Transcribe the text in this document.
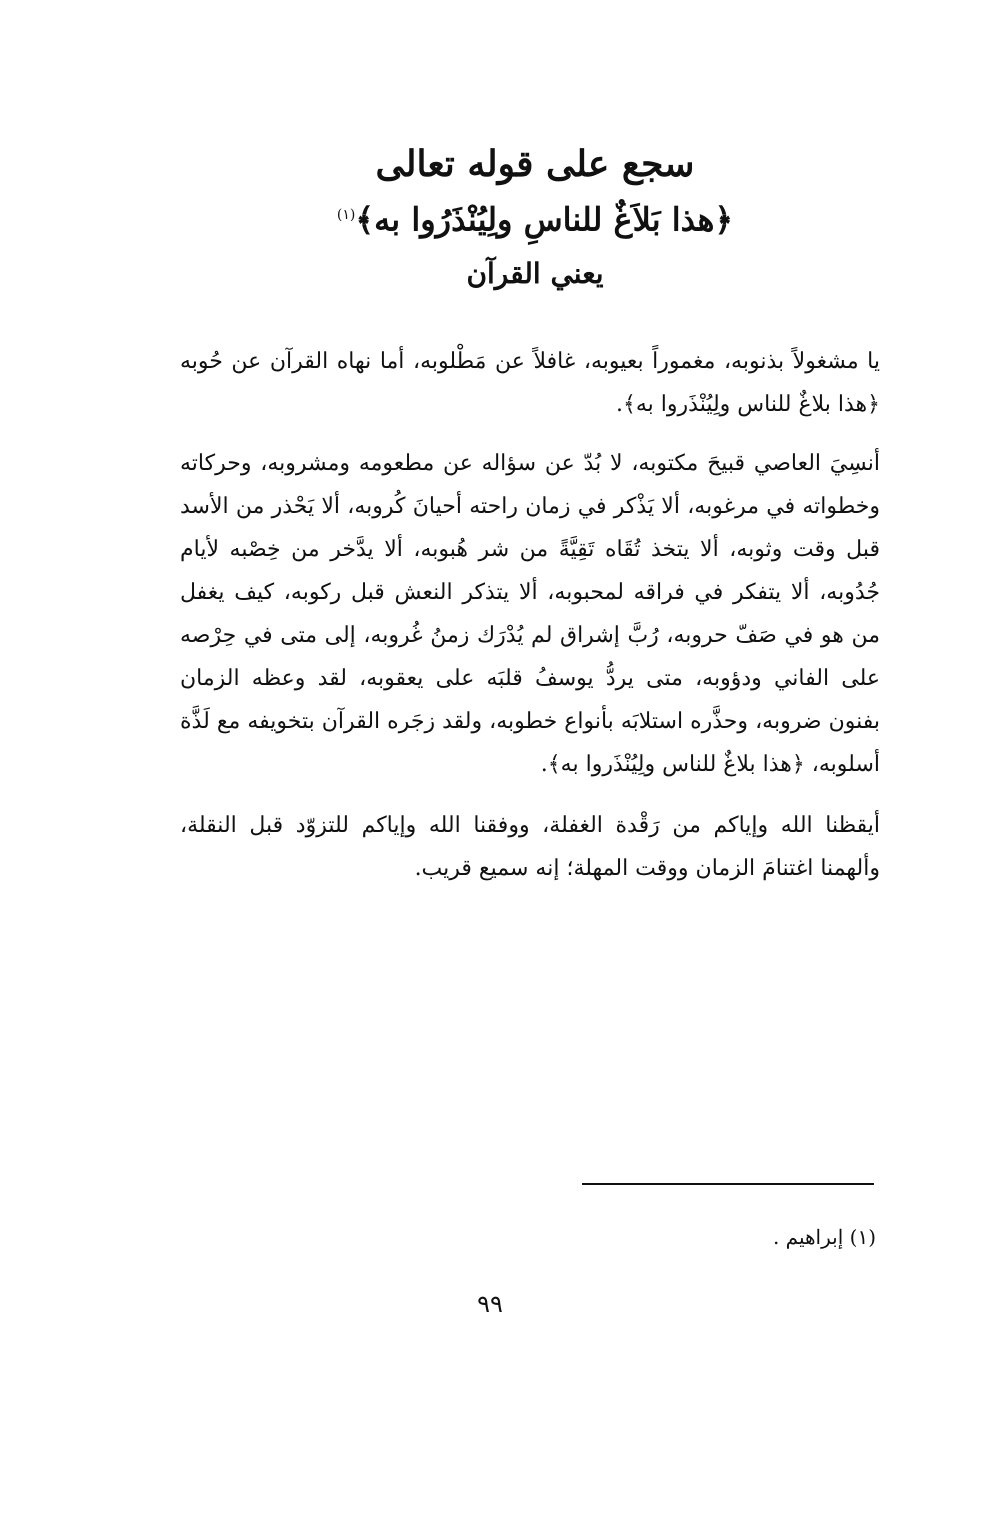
سجع على قوله تعالى
﴿هذا بَلاَغٌ للناسِ ولِيُنْذَرُوا به﴾$^{(١)}$
يعني القرآن

يا مشغولاً بذنوبه، مغموراً بعيوبه، غافلاً عن مَطْلوبه، أما نهاه القرآن عن حُوبه ﴿هذا بلاغٌ للناس ولِيُنْذَروا به﴾.

أنسِيَ العاصي قبيحَ مكتوبه، لا بُدّ عن سؤاله عن مطعومه ومشروبه، وحركاته وخطواته في مرغوبه، ألا يَذْكر في زمان راحته أحيانَ كُروبه، ألا يَحْذر من الأسد قبل وقت وثوبه، ألا يتخذ تُقَاه تَقِيَّةً من شر هُبوبه، ألا يدَّخر من خِصْبه لأيام جُدُوبه، ألا يتفكر في فراقه لمحبوبه، ألا يتذكر النعش قبل ركوبه، كيف يغفل من هو في صَفّ حروبه، رُبَّ إشراق لم يُدْرَك زمنُ غُروبه، إلى متى في حِرْصه على الفاني ودؤوبه، متى يردُّ يوسفُ قلبَه على يعقوبه، لقد وعظه الزمان بفنون ضروبه، وحذَّره استلابَه بأنواع خطوبه، ولقد زجَره القرآن بتخويفه مع لَذَّة أسلوبه، ﴿هذا بلاغٌ للناس ولِيُنْذَروا به﴾.

أيقظنا الله وإياكم من رَقْدة الغفلة، ووفقنا الله وإياكم للتزوّد قبل النقلة، وألهمنا اغتنامَ الزمان ووقت المهلة؛ إنه سميع قريب.

(١) إبراهيم .
٩٩
